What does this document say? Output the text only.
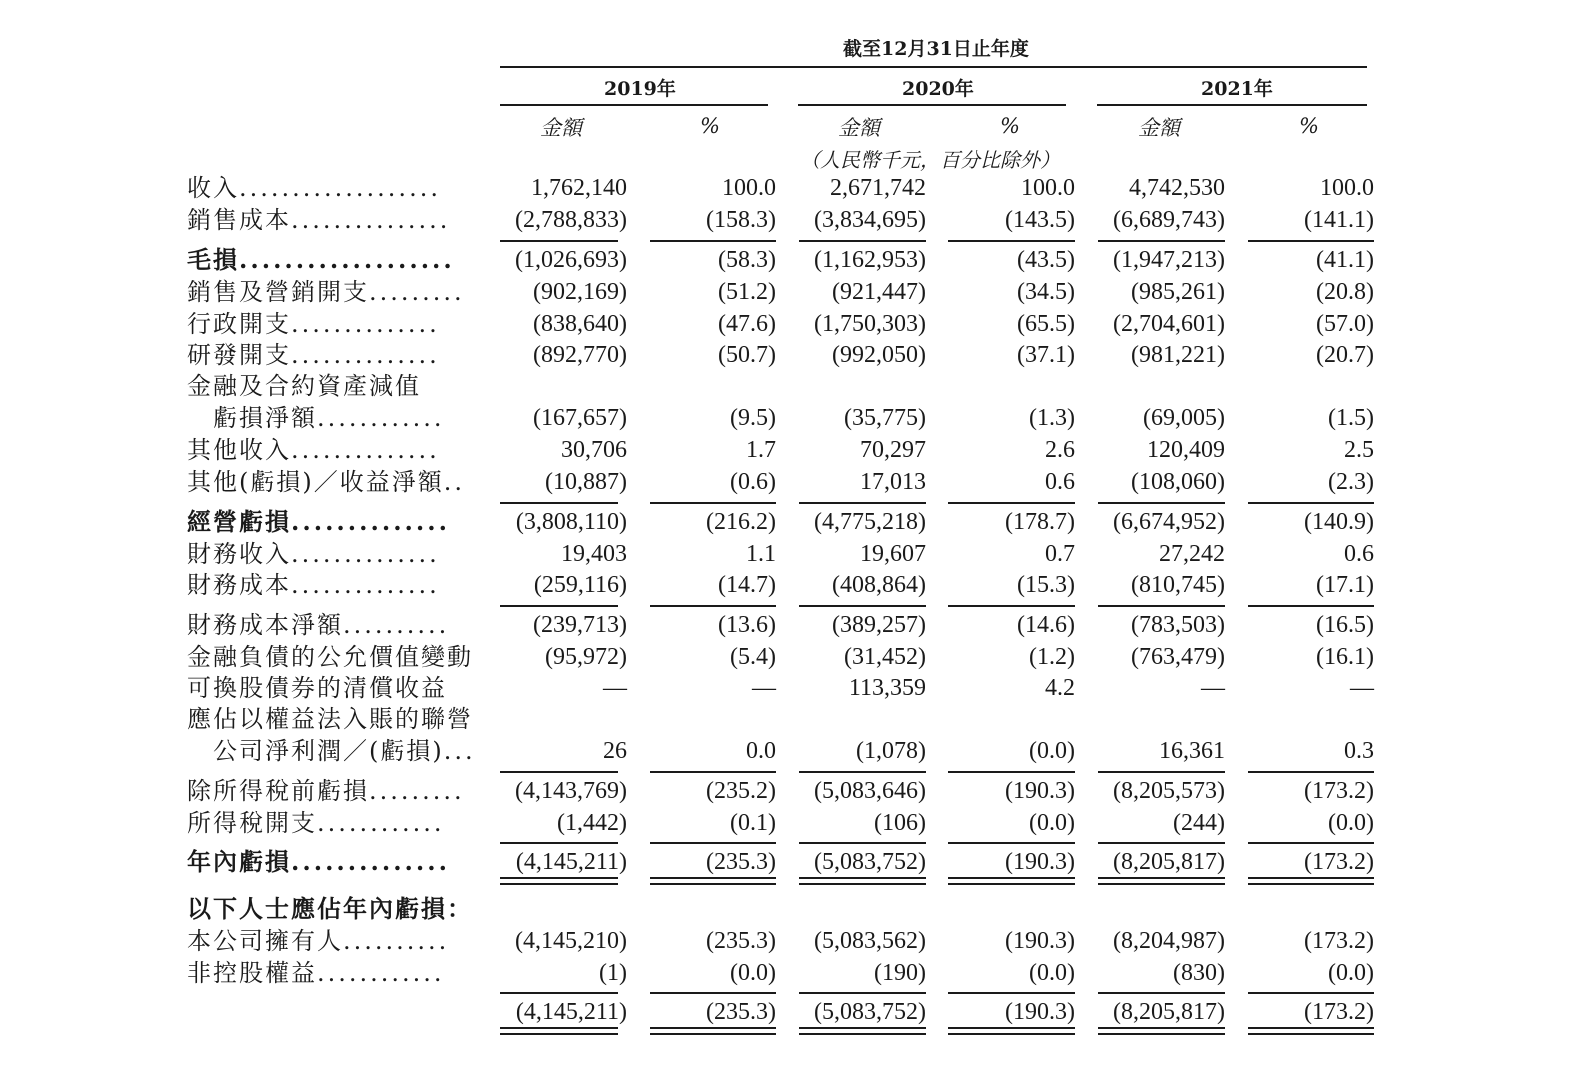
截至12月31日止年度
2019年	2020年	2021年
金額	%	金額	%	金額	%
（人民幣千元，百分比除外）
收入...................	1,762,140	100.0	2,671,742	100.0	4,742,530	100.0
銷售成本...............	(2,788,833)	(158.3)	(3,834,695)	(143.5)	(6,689,743)	(141.1)
毛損...................	(1,026,693)	(58.3)	(1,162,953)	(43.5)	(1,947,213)	(41.1)
銷售及營銷開支.........	(902,169)	(51.2)	(921,447)	(34.5)	(985,261)	(20.8)
行政開支..............	(838,640)	(47.6)	(1,750,303)	(65.5)	(2,704,601)	(57.0)
研發開支..............	(892,770)	(50.7)	(992,050)	(37.1)	(981,221)	(20.7)
金融及合約資產減值
　虧損淨額............	(167,657)	(9.5)	(35,775)	(1.3)	(69,005)	(1.5)
其他收入..............	30,706	1.7	70,297	2.6	120,409	2.5
其他(虧損)／收益淨額..	(10,887)	(0.6)	17,013	0.6	(108,060)	(2.3)
經營虧損..............	(3,808,110)	(216.2)	(4,775,218)	(178.7)	(6,674,952)	(140.9)
財務收入..............	19,403	1.1	19,607	0.7	27,242	0.6
財務成本..............	(259,116)	(14.7)	(408,864)	(15.3)	(810,745)	(17.1)
財務成本淨額..........	(239,713)	(13.6)	(389,257)	(14.6)	(783,503)	(16.5)
金融負債的公允價值變動	(95,972)	(5.4)	(31,452)	(1.2)	(763,479)	(16.1)
可換股債券的清償收益	—	—	113,359	4.2	—	—
應佔以權益法入賬的聯營
　公司淨利潤／(虧損)...	26	0.0	(1,078)	(0.0)	16,361	0.3
除所得稅前虧損.........	(4,143,769)	(235.2)	(5,083,646)	(190.3)	(8,205,573)	(173.2)
所得稅開支............	(1,442)	(0.1)	(106)	(0.0)	(244)	(0.0)
年內虧損..............	(4,145,211)	(235.3)	(5,083,752)	(190.3)	(8,205,817)	(173.2)
以下人士應佔年內虧損：
本公司擁有人..........	(4,145,210)	(235.3)	(5,083,562)	(190.3)	(8,204,987)	(173.2)
非控股權益............	(1)	(0.0)	(190)	(0.0)	(830)	(0.0)
(4,145,211)	(235.3)	(5,083,752)	(190.3)	(8,205,817)	(173.2)
